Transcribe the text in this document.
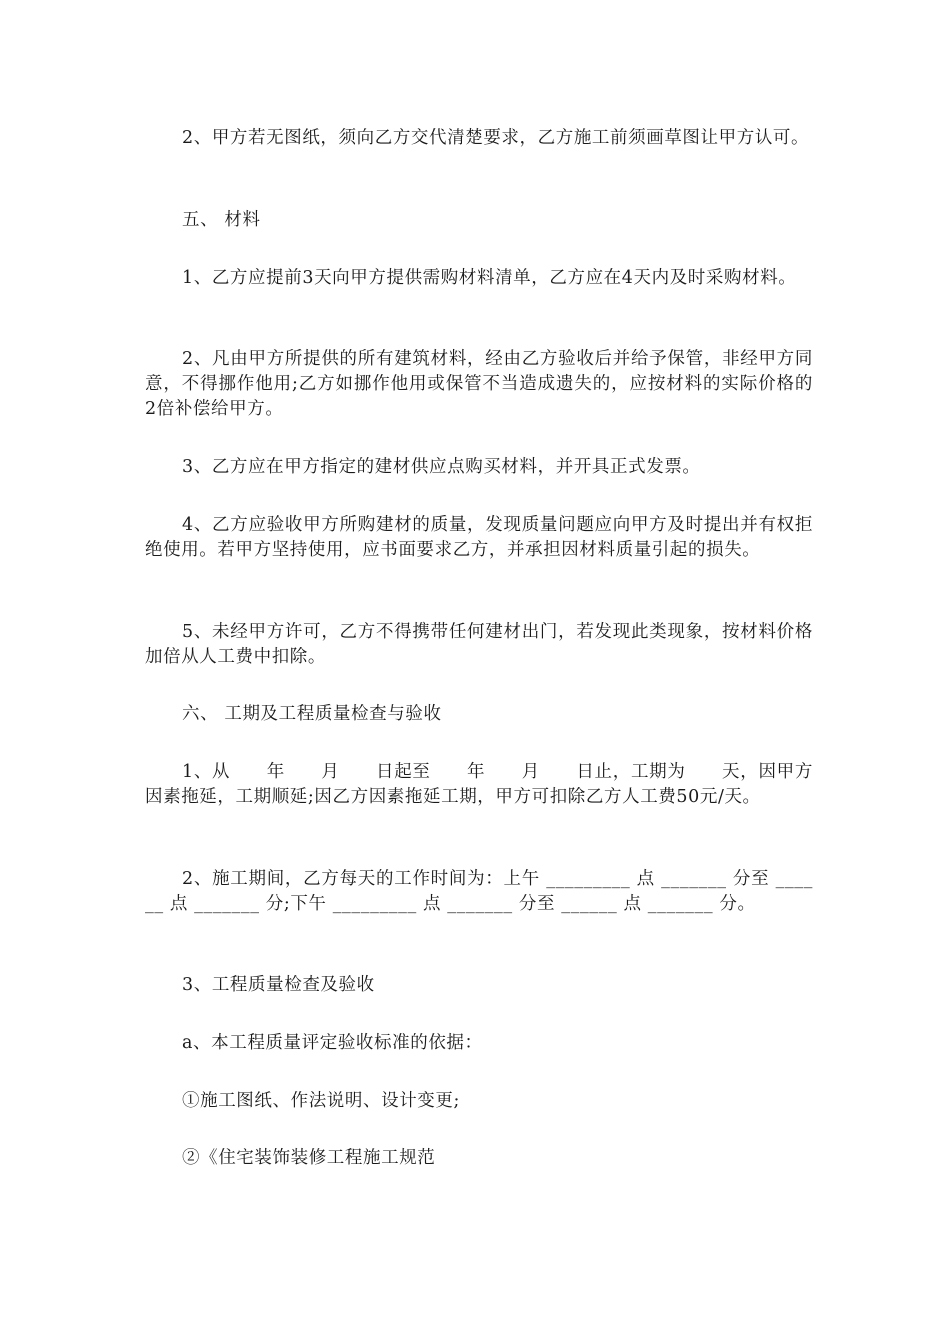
2、甲方若无图纸，须向乙方交代清楚要求，乙方施工前须画草图让甲方认可。

五、 材料

1、乙方应提前3天向甲方提供需购材料清单，乙方应在4天内及时采购材料。

2、凡由甲方所提供的所有建筑材料，经由乙方验收后并给予保管，非经甲方同意，不得挪作他用;乙方如挪作他用或保管不当造成遗失的，应按材料的实际价格的2倍补偿给甲方。

3、乙方应在甲方指定的建材供应点购买材料，并开具正式发票。

4、乙方应验收甲方所购建材的质量，发现质量问题应向甲方及时提出并有权拒绝使用。若甲方坚持使用，应书面要求乙方，并承担因材料质量引起的损失。

5、未经甲方许可，乙方不得携带任何建材出门，若发现此类现象，按材料价格加倍从人工费中扣除。

六、 工期及工程质量检查与验收

1、从　　年　　月　　日起至　　年　　月　　日止，工期为　　天，因甲方因素拖延，工期顺延;因乙方因素拖延工期，甲方可扣除乙方人工费50元/天。

2、施工期间，乙方每天的工作时间为：上午 _________ 点 _______ 分至 ______ 点 _______ 分;下午 _________ 点 _______ 分至 ______ 点 _______ 分。

3、工程质量检查及验收

a、本工程质量评定验收标准的依据：

①施工图纸、作法说明、设计变更;

②《住宅装饰装修工程施工规范
